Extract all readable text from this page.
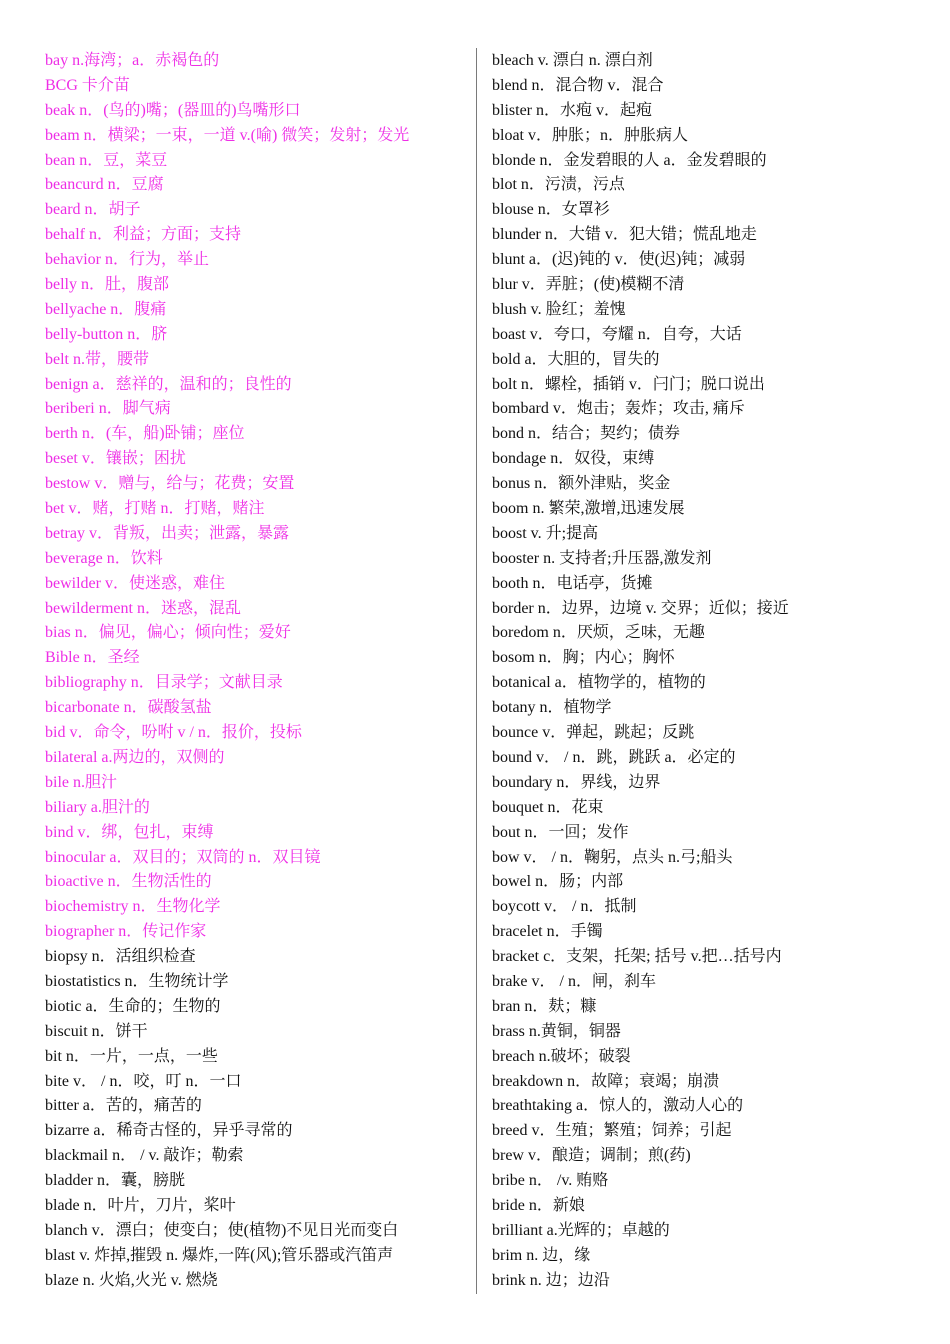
bay n.海湾；a．赤褐色的
BCG 卡介苗
beak n．(鸟的)嘴；(器皿的)鸟嘴形口
beam n．横梁；一束，一道 v.(喻) 微笑；发射；发光
bean n．豆，菜豆
beancurd n．豆腐
beard n．胡子
behalf n．利益；方面；支持
behavior n．行为，举止
belly n．肚，腹部
bellyache n．腹痛
belly-button n．脐
belt n.带，腰带
benign a．慈祥的，温和的；良性的
beriberi n．脚气病
berth n．(车，船)卧铺；座位
beset v．镶嵌；困扰
bestow v．赠与，给与；花费；安置
bet v．赌，打赌 n．打赌，赌注
betray v．背叛，出卖；泄露，暴露
beverage n．饮料
bewilder v．使迷惑，难住
bewilderment n．迷惑，混乱
bias n．偏见，偏心；倾向性；爱好
Bible n．圣经
bibliography n．目录学；文献目录
bicarbonate n．碳酸氢盐
bid v．命令，吩咐 v / n．报价，投标
bilateral a.两边的，双侧的
bile n.胆汁
biliary a.胆汁的
bind v．绑，包扎，束缚
binocular a．双目的；双筒的 n．双目镜
bioactive n．生物活性的
biochemistry n．生物化学
biographer n．传记作家
biopsy n．活组织检查
biostatistics n．生物统计学
biotic a．生命的；生物的
biscuit n．饼干
bit n．一片，一点，一些
bite v． / n．咬，叮 n．一口
bitter a．苦的，痛苦的
bizarre a．稀奇古怪的，异乎寻常的
blackmail n． / v. 敲诈；勒索
bladder n．囊，膀胱
blade n．叶片，刀片，桨叶
blanch v．漂白；使变白；使(植物)不见日光而变白
blast v. 炸掉,摧毁 n. 爆炸,一阵(风);管乐器或汽笛声
blaze n. 火焰,火光 v. 燃烧
bleach v. 漂白 n. 漂白剂
blend n．混合物 v．混合
blister n．水疱 v．起疱
bloat v．肿胀；n．肿胀病人
blonde n．金发碧眼的人 a．金发碧眼的
blot n．污渍，污点
blouse n．女罩衫
blunder n．大错 v．犯大错；慌乱地走
blunt a．(迟)钝的 v．使(迟)钝；减弱
blur v．弄脏；(使)模糊不清
blush v. 脸红；羞愧
boast v．夸口，夸耀 n．自夸，大话
bold a．大胆的，冒失的
bolt n．螺栓，插销 v．闩门；脱口说出
bombard v．炮击；轰炸；攻击, 痛斥
bond n．结合；契约；债券
bondage n．奴役，束缚
bonus n．额外津贴，奖金
boom n. 繁荣,激增,迅速发展
boost v. 升;提高
booster n. 支持者;升压器,激发剂
booth n．电话亭，货摊
border n．边界，边境 v. 交界；近似；接近
boredom n．厌烦，乏味，无趣
bosom n．胸；内心；胸怀
botanical a．植物学的，植物的
botany n．植物学
bounce v．弹起，跳起；反跳
bound v． / n．跳，跳跃 a．必定的
boundary n．界线，边界
bouquet n．花束
bout n．一回；发作
bow v． / n．鞠躬，点头 n.弓;船头
bowel n．肠；内部
boycott v． / n．抵制
bracelet n．手镯
bracket c．支架，托架; 括号 v.把…括号内
brake v． / n．闸，刹车
bran n．麸；糠
brass n.黄铜，铜器
breach n.破坏；破裂
breakdown n．故障；衰竭；崩溃
breathtaking a．惊人的，激动人心的
breed v．生殖；繁殖；饲养；引起
brew v．酿造；调制；煎(药)
bribe n． /v. 贿赂
bride n．新娘
brilliant a.光辉的；卓越的
brim n. 边，缘
brink n. 边；边沿
